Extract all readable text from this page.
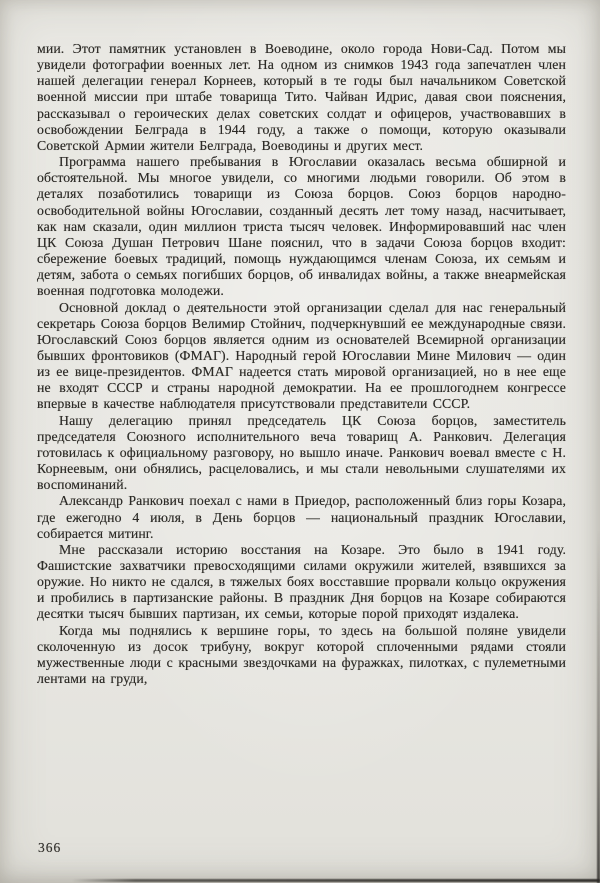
мии. Этот памятник установлен в Воеводине, около города Нови-Сад. Потом мы увидели фотографии военных лет. На одном из снимков 1943 года запечатлен член нашей делегации генерал Корнеев, который в те годы был начальником Советской военной миссии при штабе товарища Тито. Чайван Идрис, давая свои пояснения, рассказывал о героических делах советских солдат и офицеров, участвовавших в освобождении Белграда в 1944 году, а также о помощи, которую оказывали Советской Армии жители Белграда, Воеводины и других мест.

Программа нашего пребывания в Югославии оказалась весьма обширной и обстоятельной. Мы многое увидели, со многими людьми говорили. Об этом в деталях позаботились товарищи из Союза борцов. Союз борцов народно-освободительной войны Югославии, созданный десять лет тому назад, насчитывает, как нам сказали, один миллион триста тысяч человек. Информировавший нас член ЦК Союза Душан Петрович Шане пояснил, что в задачи Союза борцов входит: сбережение боевых традиций, помощь нуждающимся членам Союза, их семьям и детям, забота о семьях погибших борцов, об инвалидах войны, а также внеармейская военная подготовка молодежи.

Основной доклад о деятельности этой организации сделал для нас генеральный секретарь Союза борцов Велимир Стойнич, подчеркнувший ее международные связи. Югославский Союз борцов является одним из основателей Всемирной организации бывших фронтовиков (ФМАГ). Народный герой Югославии Мине Милович — один из ее вице-президентов. ФМАГ надеется стать мировой организацией, но в нее еще не входят СССР и страны народной демократии. На ее прошлогоднем конгрессе впервые в качестве наблюдателя присутствовали представители СССР.

Нашу делегацию принял председатель ЦК Союза борцов, заместитель председателя Союзного исполнительного веча товарищ А. Ранкович. Делегация готовилась к официальному разговору, но вышло иначе. Ранкович воевал вместе с Н. Корнеевым, они обнялись, расцеловались, и мы стали невольными слушателями их воспоминаний.

Александр Ранкович поехал с нами в Приедор, расположенный близ горы Козара, где ежегодно 4 июля, в День борцов — национальный праздник Югославии, собирается митинг.

Мне рассказали историю восстания на Козаре. Это было в 1941 году. Фашистские захватчики превосходящими силами окружили жителей, взявшихся за оружие. Но никто не сдался, в тяжелых боях восставшие прорвали кольцо окружения и пробились в партизанские районы. В праздник Дня борцов на Козаре собираются десятки тысяч бывших партизан, их семьи, которые порой приходят издалека.

Когда мы поднялись к вершине горы, то здесь на большой поляне увидели сколоченную из досок трибуну, вокруг которой сплоченными рядами стояли мужественные люди с красными звездочками на фуражках, пилотках, с пулеметными лентами на груди,

366
